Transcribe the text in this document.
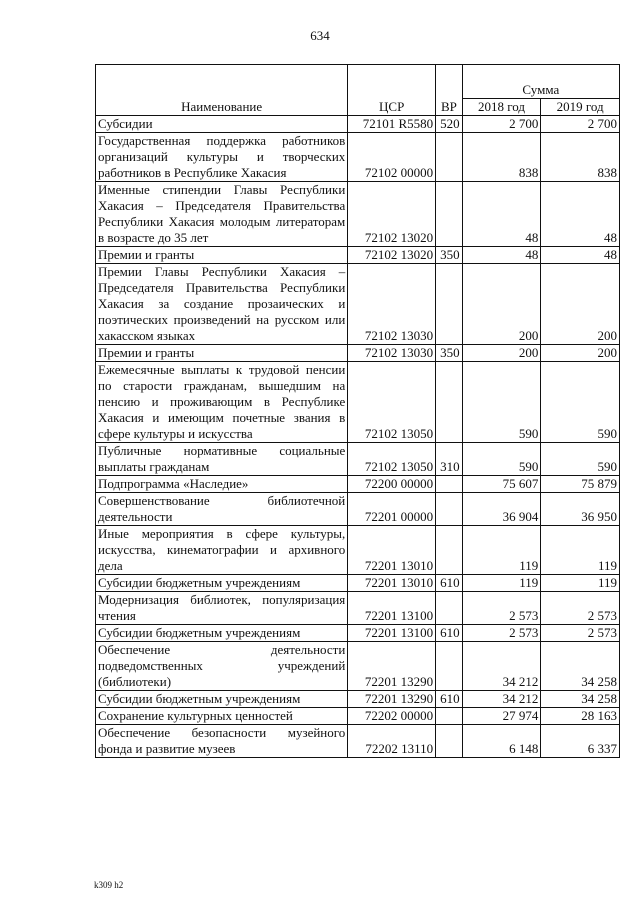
634
Наименование	ЦСР	ВР	Сумма	
			2018 год	2019 год
Субсидии	72101 R5580	520	2 700	2 700
Государственная поддержка работников организаций культуры и творческих работников в Республике Хакасия	72102 00000		838	838
Именные стипендии Главы Республики Хакасия – Председателя Правительства Республики Хакасия молодым литераторам в возрасте до 35 лет	72102 13020		48	48
Премии и гранты	72102 13020	350	48	48
Премии Главы Республики Хакасия – Председателя Правительства Республики Хакасия за создание прозаических и поэтических произведений на русском или хакасском языках	72102 13030		200	200
Премии и гранты	72102 13030	350	200	200
Ежемесячные выплаты к трудовой пенсии по старости гражданам, вышедшим на пенсию и проживающим в Республике Хакасия и имеющим почетные звания в сфере культуры и искусства	72102 13050		590	590
Публичные нормативные социальные выплаты гражданам	72102 13050	310	590	590
Подпрограмма «Наследие»	72200 00000		75 607	75 879
Совершенствование библиотечной деятельности	72201 00000		36 904	36 950
Иные мероприятия в сфере культуры, искусства, кинематографии и архивного дела	72201 13010		119	119
Субсидии бюджетным учреждениям	72201 13010	610	119	119
Модернизация библиотек, популяризация чтения	72201 13100		2 573	2 573
Субсидии бюджетным учреждениям	72201 13100	610	2 573	2 573
Обеспечение деятельности подведомственных учреждений (библиотеки)	72201 13290		34 212	34 258
Субсидии бюджетным учреждениям	72201 13290	610	34 212	34 258
Сохранение культурных ценностей	72202 00000		27 974	28 163
Обеспечение безопасности музейного фонда и развитие музеев	72202 13110		6 148	6 337
k309 h2
